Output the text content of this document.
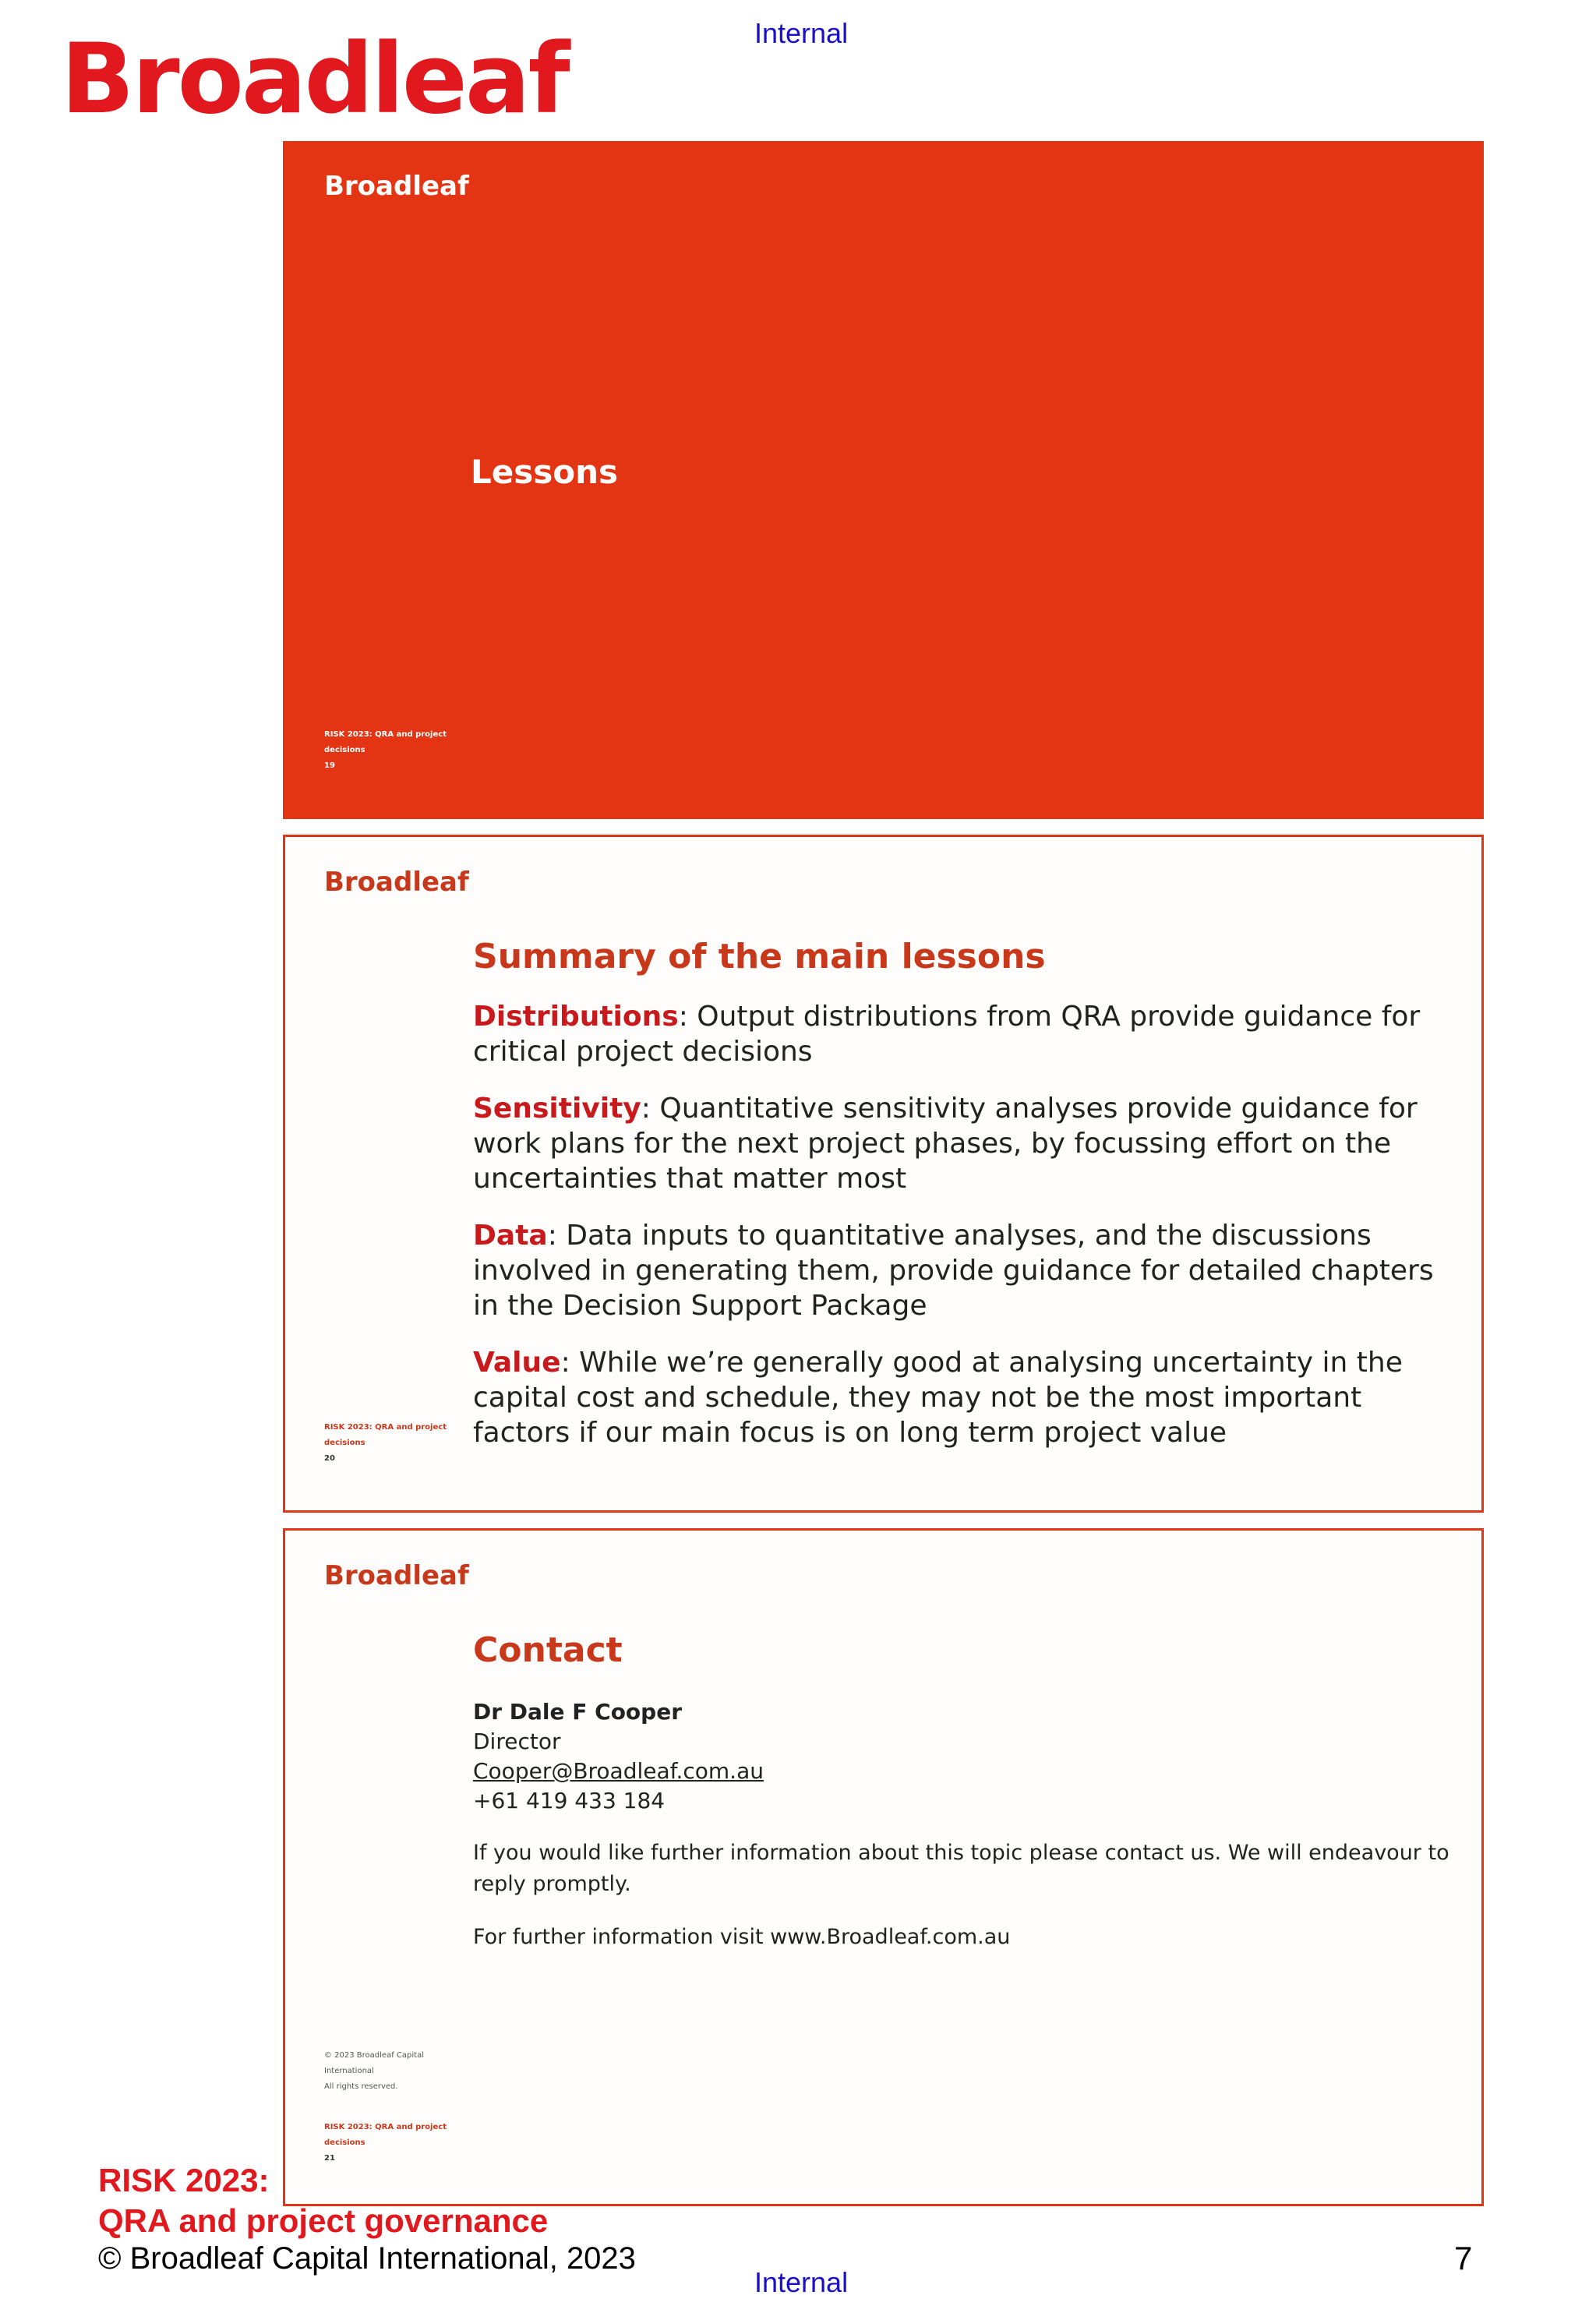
Internal
Broadleaf
Broadleaf
Lessons
RISK 2023: QRA and project
decisions
19
Broadleaf
Summary of the main lessons

Distributions: Output distributions from QRA provide guidance for critical project decisions

Sensitivity: Quantitative sensitivity analyses provide guidance for work plans for the next project phases, by focussing effort on the uncertainties that matter most

Data: Data inputs to quantitative analyses, and the discussions involved in generating them, provide guidance for detailed chapters in the Decision Support Package

Value: While we’re generally good at analysing uncertainty in the capital cost and schedule, they may not be the most important factors if our main focus is on long term project value

RISK 2023: QRA and project
decisions
20
Broadleaf
Contact
Dr Dale F Cooper
Director
Cooper@Broadleaf.com.au
+61 419 433 184
If you would like further information about this topic please contact us. We will endeavour to reply promptly.
For further information visit www.Broadleaf.com.au
© 2023 Broadleaf Capital
International
All rights reserved.
RISK 2023: QRA and project
decisions
21
RISK 2023:
QRA and project governance
© Broadleaf Capital International, 2023	7
Internal
